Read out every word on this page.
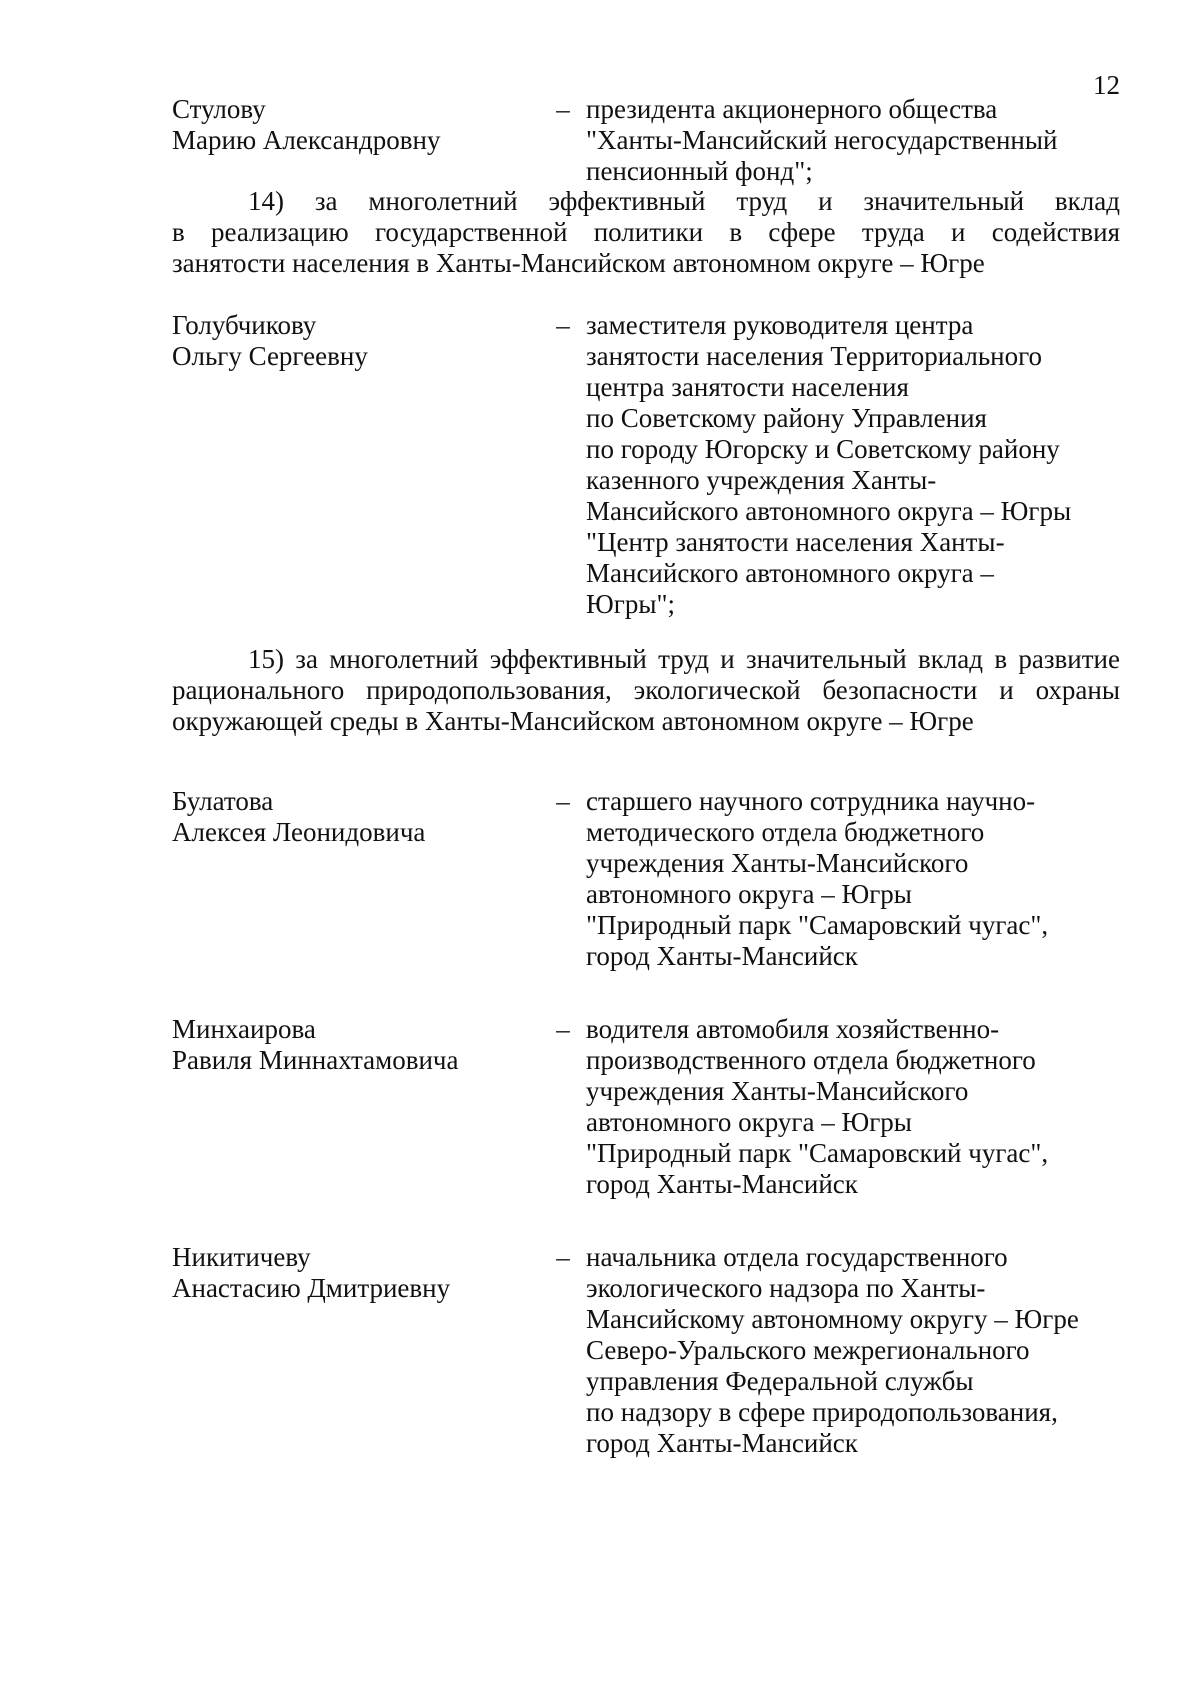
12
Стулову
Марию Александровну
– президента акционерного общества
"Ханты-Мансийский негосударственный
пенсионный фонд";
14) за многолетний эффективный труд и значительный вклад
в реализацию государственной политики в сфере труда и содействия
занятости населения в Ханты-Мансийском автономном округе – Югре
Голубчикову
Ольгу Сергеевну
– заместителя руководителя центра
занятости населения Территориального
центра занятости населения
по Советскому району Управления
по городу Югорску и Советскому району
казенного учреждения Ханты-
Мансийского автономного округа – Югры
"Центр занятости населения Ханты-
Мансийского автономного округа –
Югры";
15) за многолетний эффективный труд и значительный вклад в развитие
рационального природопользования, экологической безопасности и охраны
окружающей среды в Ханты-Мансийском автономном округе – Югре
Булатова
Алексея Леонидовича
– старшего научного сотрудника научно-
методического отдела бюджетного
учреждения Ханты-Мансийского
автономного округа – Югры
"Природный парк "Самаровский чугас",
город Ханты-Мансийск
Минхаирова
Равиля Миннахтамовича
– водителя автомобиля хозяйственно-
производственного отдела бюджетного
учреждения Ханты-Мансийского
автономного округа – Югры
"Природный парк "Самаровский чугас",
город Ханты-Мансийск
Никитичеву
Анастасию Дмитриевну
– начальника отдела государственного
экологического надзора по Ханты-
Мансийскому автономному округу – Югре
Северо-Уральского межрегионального
управления Федеральной службы
по надзору в сфере природопользования,
город Ханты-Мансийск
